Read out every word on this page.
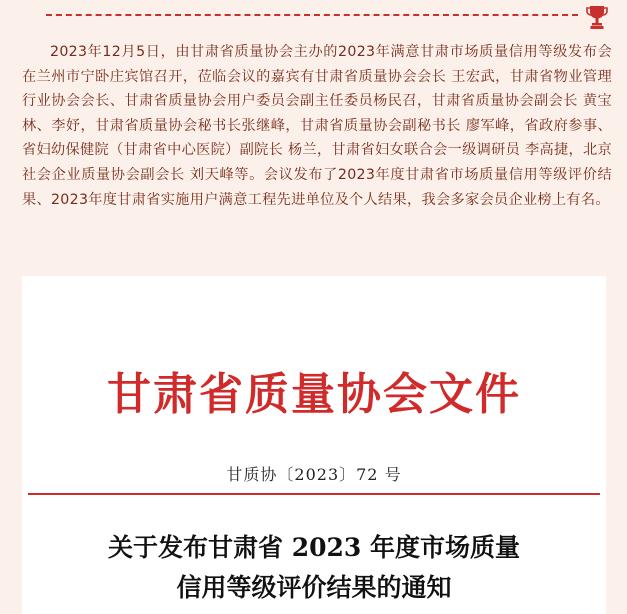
2023年12月5日，由甘肃省质量协会主办的2023年满意甘肃市场质量信用等级发布会在兰州市宁卧庄宾馆召开，莅临会议的嘉宾有甘肃省质量协会会长 王宏武，甘肃省物业管理行业协会会长、甘肃省质量协会用户委员会副主任委员杨民召，甘肃省质量协会副会长 黄宝林、李妤，甘肃省质量协会秘书长张继峰，甘肃省质量协会副秘书长 廖军峰，省政府参事、省妇幼保健院（甘肃省中心医院）副院长 杨兰，甘肃省妇女联合会一级调研员 李高捷，北京社会企业质量协会副会长 刘天峰等。会议发布了2023年度甘肃省市场质量信用等级评价结果、2023年度甘肃省实施用户满意工程先进单位及个人结果，我会多家会员企业榜上有名。

甘肃省质量协会文件
甘质协〔2023〕72 号
关于发布甘肃省 2023 年度市场质量
信用等级评价结果的通知
